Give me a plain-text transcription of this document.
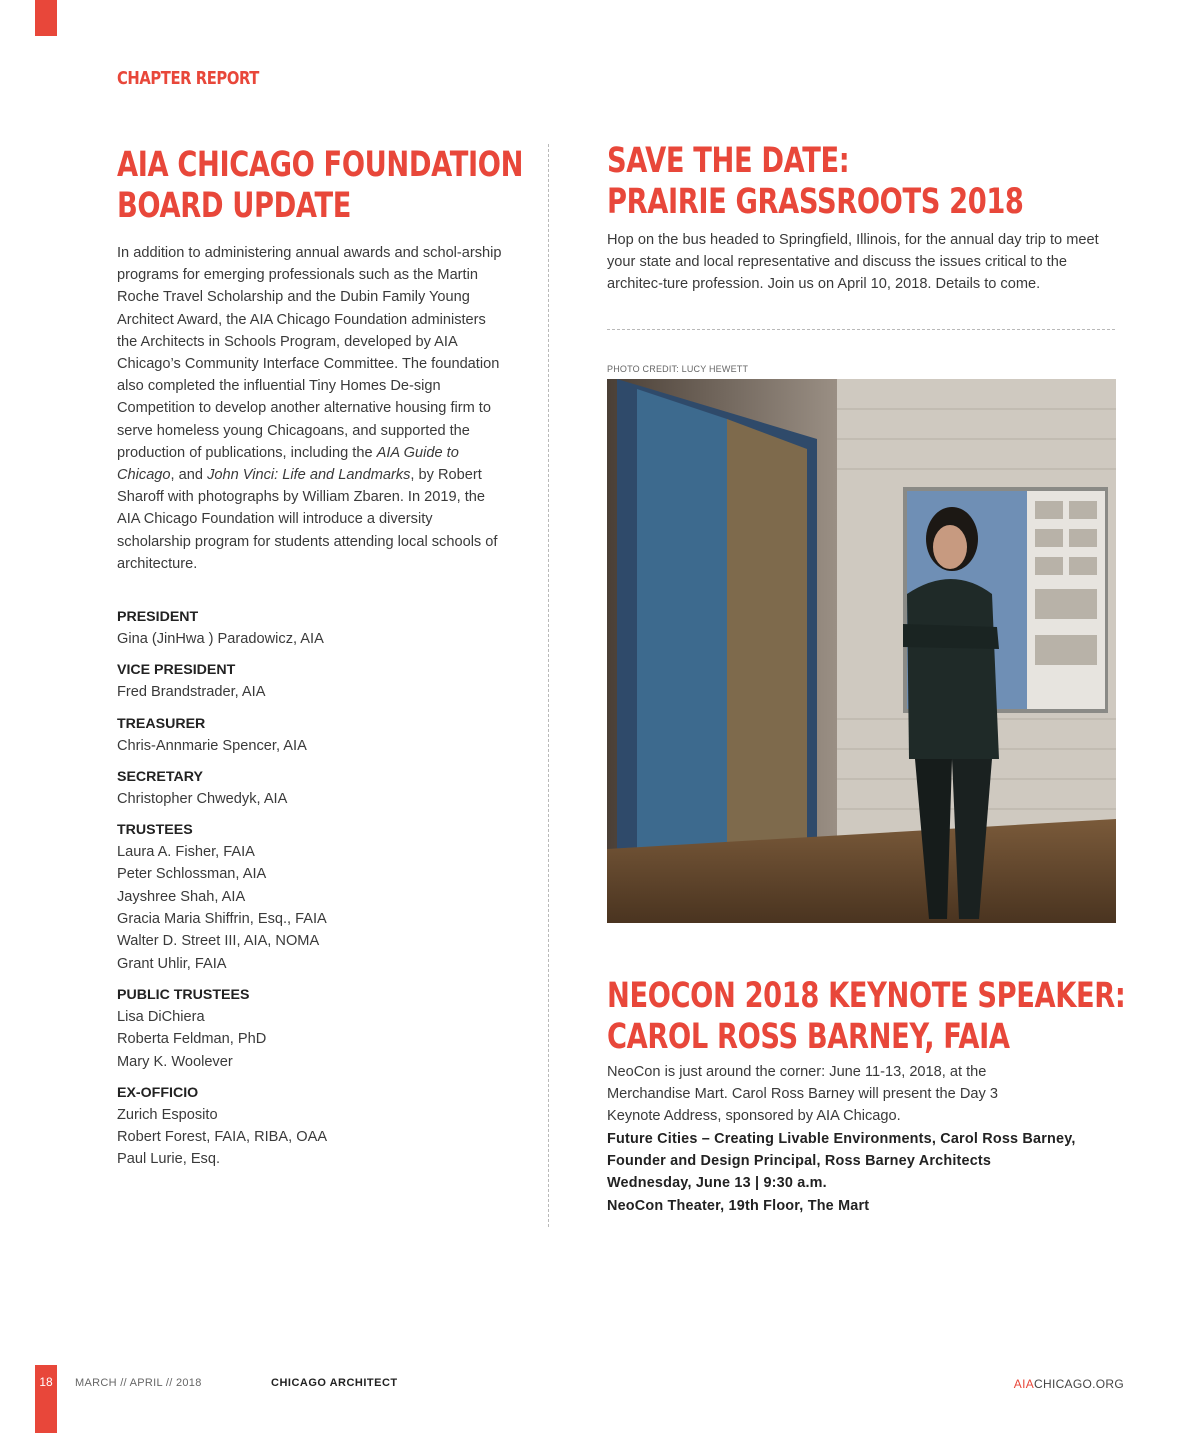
CHAPTER REPORT
AIA CHICAGO FOUNDATION
BOARD UPDATE

In addition to administering annual awards and schol-arship programs for emerging professionals such as the Martin Roche Travel Scholarship and the Dubin Family Young Architect Award, the AIA Chicago Foundation administers the Architects in Schools Program, developed by AIA Chicago’s Community Interface Committee. The foundation also completed the influential Tiny Homes De-sign Competition to develop another alternative housing firm to serve homeless young Chicagoans, and supported the production of publications, including the AIA Guide to Chicago, and John Vinci: Life and Landmarks, by Robert Sharoff with photographs by William Zbaren. In 2019, the AIA Chicago Foundation will introduce a diversity scholarship program for students attending local schools of architecture.

PRESIDENT

Gina (JinHwa ) Paradowicz, AIA

VICE PRESIDENT

Fred Brandstrader, AIA

TREASURER

Chris-Annmarie Spencer, AIA

SECRETARY

Christopher Chwedyk, AIA

TRUSTEES

Laura A. Fisher, FAIA

Peter Schlossman, AIA

Jayshree Shah, AIA

Gracia Maria Shiffrin, Esq., FAIA

Walter D. Street III, AIA, NOMA

Grant Uhlir, FAIA

PUBLIC TRUSTEES

Lisa DiChiera

Roberta Feldman, PhD

Mary K. Woolever

EX-OFFICIO

Zurich Esposito

Robert Forest, FAIA, RIBA, OAA

Paul Lurie, Esq.

SAVE THE DATE:
PRAIRIE GRASSROOTS 2018

Hop on the bus headed to Springfield, Illinois, for the annual day trip to meet your state and local representative and discuss the issues critical to the architec-ture profession. Join us on April 10, 2018. Details to come.

PHOTO CREDIT: LUCY HEWETT
NEOCON 2018 KEYNOTE SPEAKER:
CAROL ROSS BARNEY, FAIA

NeoCon is just around the corner: June 11-13, 2018, at the Merchandise Mart. Carol Ross Barney will present the Day 3 Keynote Address, sponsored by AIA Chicago.

Future Cities – Creating Livable Environments, Carol Ross Barney,

Founder and Design Principal, Ross Barney Architects

Wednesday, June 13 | 9:30 a.m.

NeoCon Theater, 19th Floor, The Mart

18	MARCH // APRIL // 2018	CHICAGO ARCHITECT	AIACHICAGO.ORG
